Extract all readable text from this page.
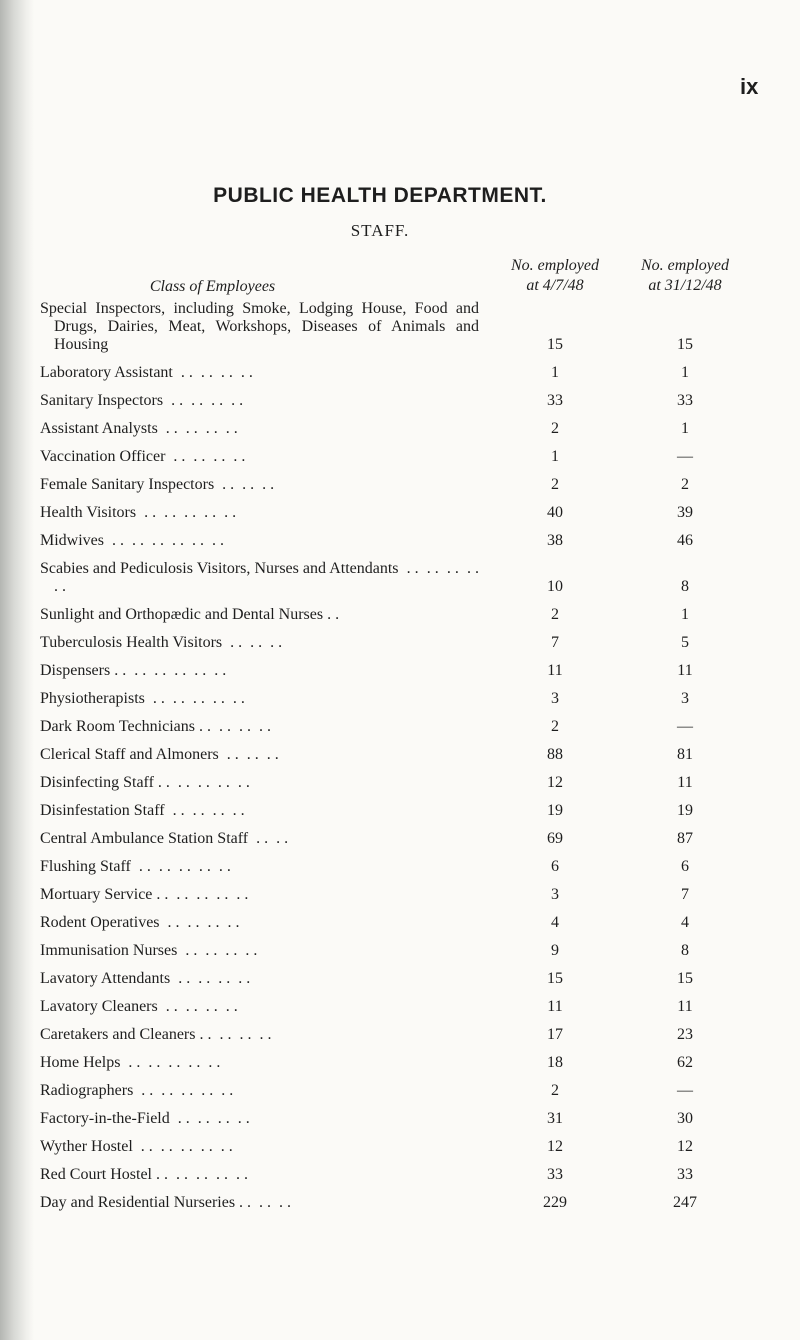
ix
PUBLIC HEALTH DEPARTMENT.
STAFF.
Class of Employees
No. employed
at 4/7/48
No. employed
at 31/12/48
Special Inspectors, including Smoke, Lodging House, Food and Drugs, Dairies, Meat, Workshops, Diseases of Animals and Housing	15	15
Laboratory Assistant  . .  . .  . .  . .	1	1
Sanitary Inspectors  . .  . .  . .  . .	33	33
Assistant Analysts  . .  . .  . .  . .	2	1
Vaccination Officer  . .  . .  . .  . .	1	—
Female Sanitary Inspectors  . .  . .  . .	2	2
Health Visitors  . .  . .  . .  . .  . .	40	39
Midwives  . .  . .  . .  . .  . .  . .	38	46
Scabies and Pediculosis Visitors, Nurses and Attendants  . .  . .  . .  . .  . .	10	8
Sunlight and Orthopædic and Dental Nurses . .	2	1
Tuberculosis Health Visitors  . .  . .  . .	7	5
Dispensers . .  . .  . .  . .  . .  . .	11	11
Physiotherapists  . .  . .  . .  . .  . .	3	3
Dark Room Technicians . .  . .  . .  . .	2	—
Clerical Staff and Almoners  . .  . .  . .	88	81
Disinfecting Staff . .  . .  . .  . .  . .	12	11
Disinfestation Staff  . .  . .  . .  . .	19	19
Central Ambulance Station Staff  . .  . .	69	87
Flushing Staff  . .  . .  . .  . .  . .	6	6
Mortuary Service . .  . .  . .  . .  . .	3	7
Rodent Operatives  . .  . .  . .  . .	4	4
Immunisation Nurses  . .  . .  . .  . .	9	8
Lavatory Attendants  . .  . .  . .  . .	15	15
Lavatory Cleaners  . .  . .  . .  . .	11	11
Caretakers and Cleaners . .  . .  . .  . .	17	23
Home Helps  . .  . .  . .  . .  . .	18	62
Radiographers  . .  . .  . .  . .  . .	2	—
Factory-in-the-Field  . .  . .  . .  . .	31	30
Wyther Hostel  . .  . .  . .  . .  . .	12	12
Red Court Hostel . .  . .  . .  . .  . .	33	33
Day and Residential Nurseries . .  . .  . .	229	247
